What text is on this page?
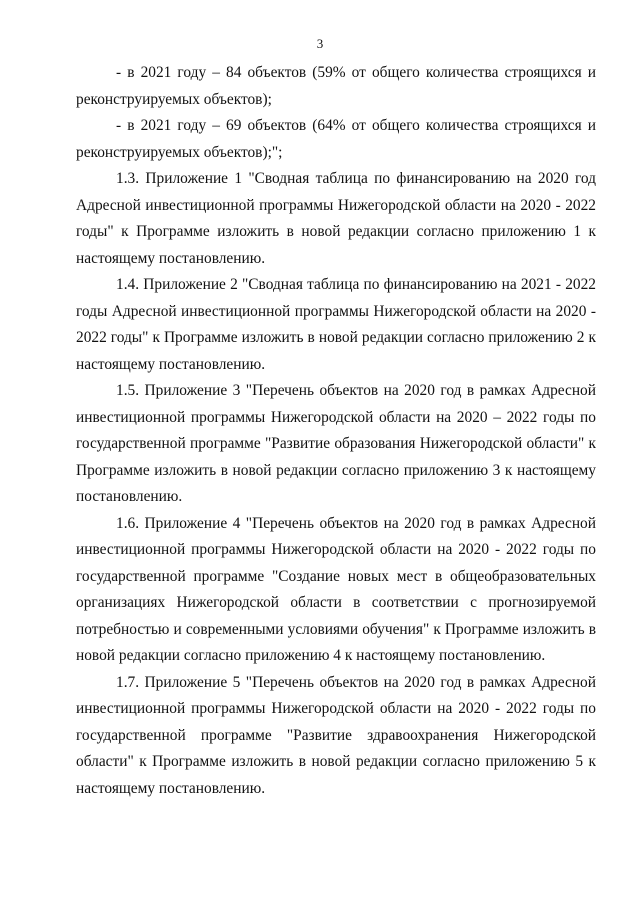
3

- в 2021 году – 84 объектов (59% от общего количества строящихся и реконструируемых объектов);

- в 2021 году – 69 объектов (64% от общего количества строящихся и реконструируемых объектов);";

1.3. Приложение 1 "Сводная таблица по финансированию на 2020 год Адресной инвестиционной программы Нижегородской области на 2020 - 2022 годы" к Программе изложить в новой редакции согласно приложению 1 к настоящему постановлению.

1.4. Приложение 2 "Сводная таблица по финансированию на 2021 - 2022 годы Адресной инвестиционной программы Нижегородской области на 2020 - 2022 годы" к Программе изложить в новой редакции согласно приложению 2 к настоящему постановлению.

1.5. Приложение 3 "Перечень объектов на 2020 год в рамках Адресной инвестиционной программы Нижегородской области на 2020 – 2022 годы по государственной программе "Развитие образования Нижегородской области" к Программе изложить в новой редакции согласно приложению 3 к настоящему постановлению.

1.6. Приложение 4 "Перечень объектов на 2020 год в рамках Адресной инвестиционной программы Нижегородской области на 2020 - 2022 годы по государственной программе "Создание новых мест в общеобразовательных организациях Нижегородской области в соответствии с прогнозируемой потребностью и современными условиями обучения" к Программе изложить в новой редакции согласно приложению 4 к настоящему постановлению.

1.7. Приложение 5 "Перечень объектов на 2020 год в рамках Адресной инвестиционной программы Нижегородской области на 2020 - 2022 годы по государственной программе "Развитие здравоохранения Нижегородской области" к Программе изложить в новой редакции согласно приложению 5 к настоящему постановлению.
